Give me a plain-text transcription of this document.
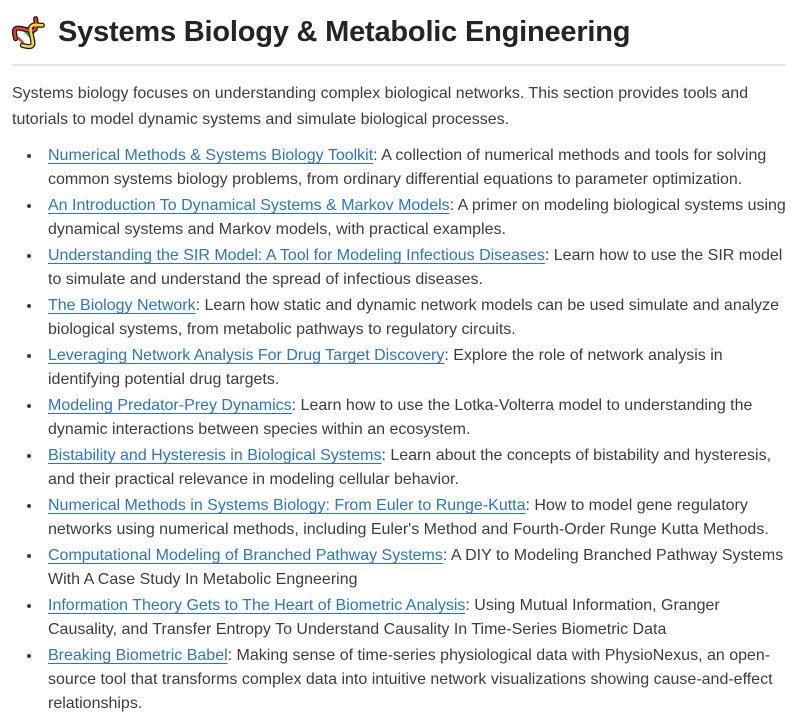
Systems Biology & Metabolic Engineering

Systems biology focuses on understanding complex biological networks. This section provides tools and tutorials to model dynamic systems and simulate biological processes.

• Numerical Methods & Systems Biology Toolkit: A collection of numerical methods and tools for solving common systems biology problems, from ordinary differential equations to parameter optimization.
• An Introduction To Dynamical Systems & Markov Models: A primer on modeling biological systems using dynamical systems and Markov models, with practical examples.
• Understanding the SIR Model: A Tool for Modeling Infectious Diseases: Learn how to use the SIR model to simulate and understand the spread of infectious diseases.
• The Biology Network: Learn how static and dynamic network models can be used simulate and analyze biological systems, from metabolic pathways to regulatory circuits.
• Leveraging Network Analysis For Drug Target Discovery: Explore the role of network analysis in identifying potential drug targets.
• Modeling Predator-Prey Dynamics: Learn how to use the Lotka-Volterra model to understanding the dynamic interactions between species within an ecosystem.
• Bistability and Hysteresis in Biological Systems: Learn about the concepts of bistability and hysteresis, and their practical relevance in modeling cellular behavior.
• Numerical Methods in Systems Biology: From Euler to Runge-Kutta: How to model gene regulatory networks using numerical methods, including Euler's Method and Fourth-Order Runge Kutta Methods.
• Computational Modeling of Branched Pathway Systems: A DIY to Modeling Branched Pathway Systems With A Case Study In Metabolic Engneering
• Information Theory Gets to The Heart of Biometric Analysis: Using Mutual Information, Granger Causality, and Transfer Entropy To Understand Causality In Time-Series Biometric Data
• Breaking Biometric Babel: Making sense of time-series physiological data with PhysioNexus, an open-source tool that transforms complex data into intuitive network visualizations showing cause-and-effect relationships.
